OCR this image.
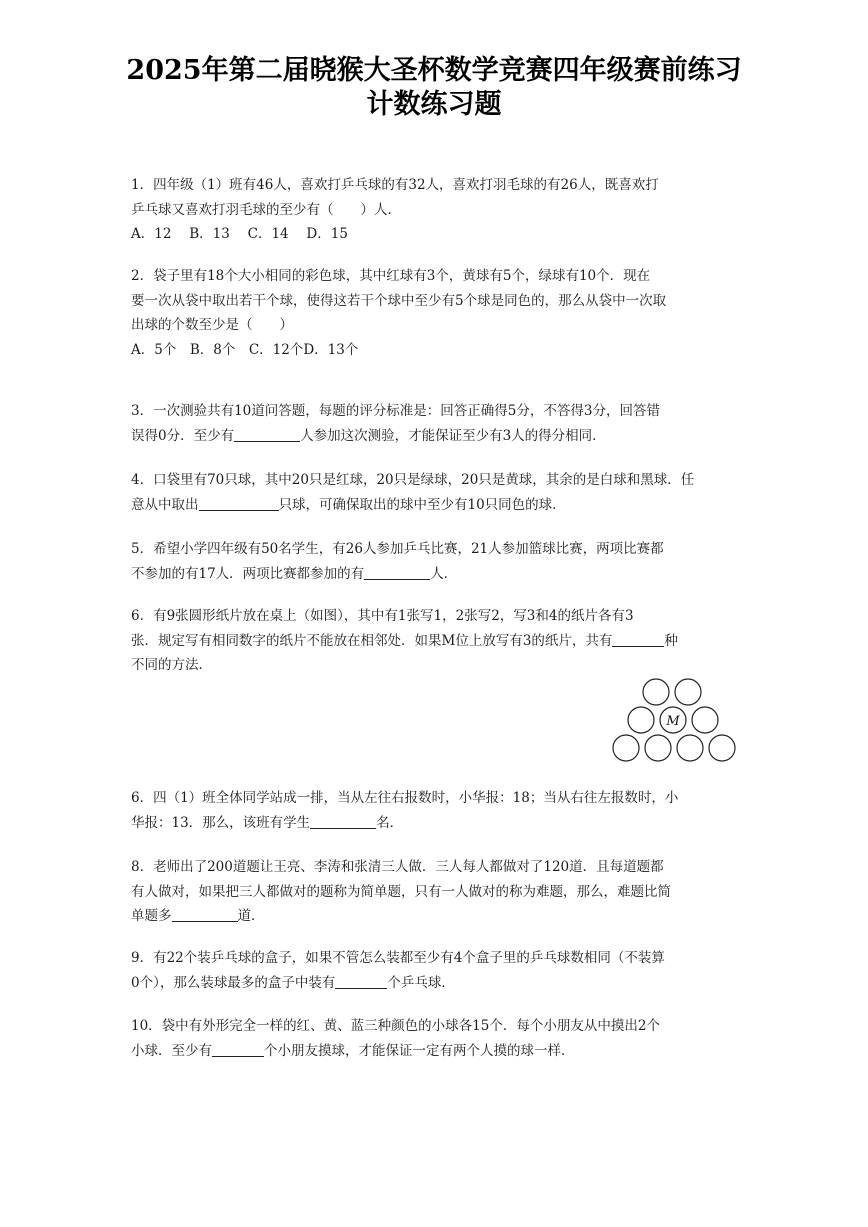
2025年第二届晓猴大圣杯数学竞赛四年级赛前练习
计数练习题

1．四年级（1）班有46人，喜欢打乒乓球的有32人，喜欢打羽毛球的有26人，既喜欢打

乒乓球又喜欢打羽毛球的至少有（　　）人．

A．12　 B．13　 C．14　 D．15

2．袋子里有18个大小相同的彩色球，其中红球有3个，黄球有5个，绿球有10个．现在

要一次从袋中取出若干个球，使得这若干个球中至少有5个球是同色的，那么从袋中一次取

出球的个数至少是（　　）

A．5个　B．8个　C．12个D．13个

3．一次测验共有10道问答题，每题的评分标准是：回答正确得5分，不答得3分，回答错

误得0分．至少有	人参加这次测验，才能保证至少有3人的得分相同．

4．口袋里有70只球，其中20只是红球，20只是绿球，20只是黄球，其余的是白球和黑球．任

意从中取出	只球，可确保取出的球中至少有10只同色的球．

5．希望小学四年级有50名学生，有26人参加乒乓比赛，21人参加篮球比赛，两项比赛都

不参加的有17人．两项比赛都参加的有	人．

6．有9张圆形纸片放在桌上（如图），其中有1张写1，2张写2，写3和4的纸片各有3

张．规定写有相同数字的纸片不能放在相邻处．如果M位上放写有3的纸片，共有	种

不同的方法．

M

6．四（1）班全体同学站成一排，当从左往右报数时，小华报：18；当从右往左报数时，小

华报：13．那么，该班有学生	名．

8．老师出了200道题让王亮、李涛和张清三人做．三人每人都做对了120道．且每道题都

有人做对，如果把三人都做对的题称为简单题，只有一人做对的称为难题，那么，难题比简

单题多	道．

9．有22个装乒乓球的盒子，如果不管怎么装都至少有4个盒子里的乒乓球数相同（不装算

0个），那么装球最多的盒子中装有	个乒乓球．

10．袋中有外形完全一样的红、黄、蓝三种颜色的小球各15个．每个小朋友从中摸出2个

小球．至少有	个小朋友摸球，才能保证一定有两个人摸的球一样．
